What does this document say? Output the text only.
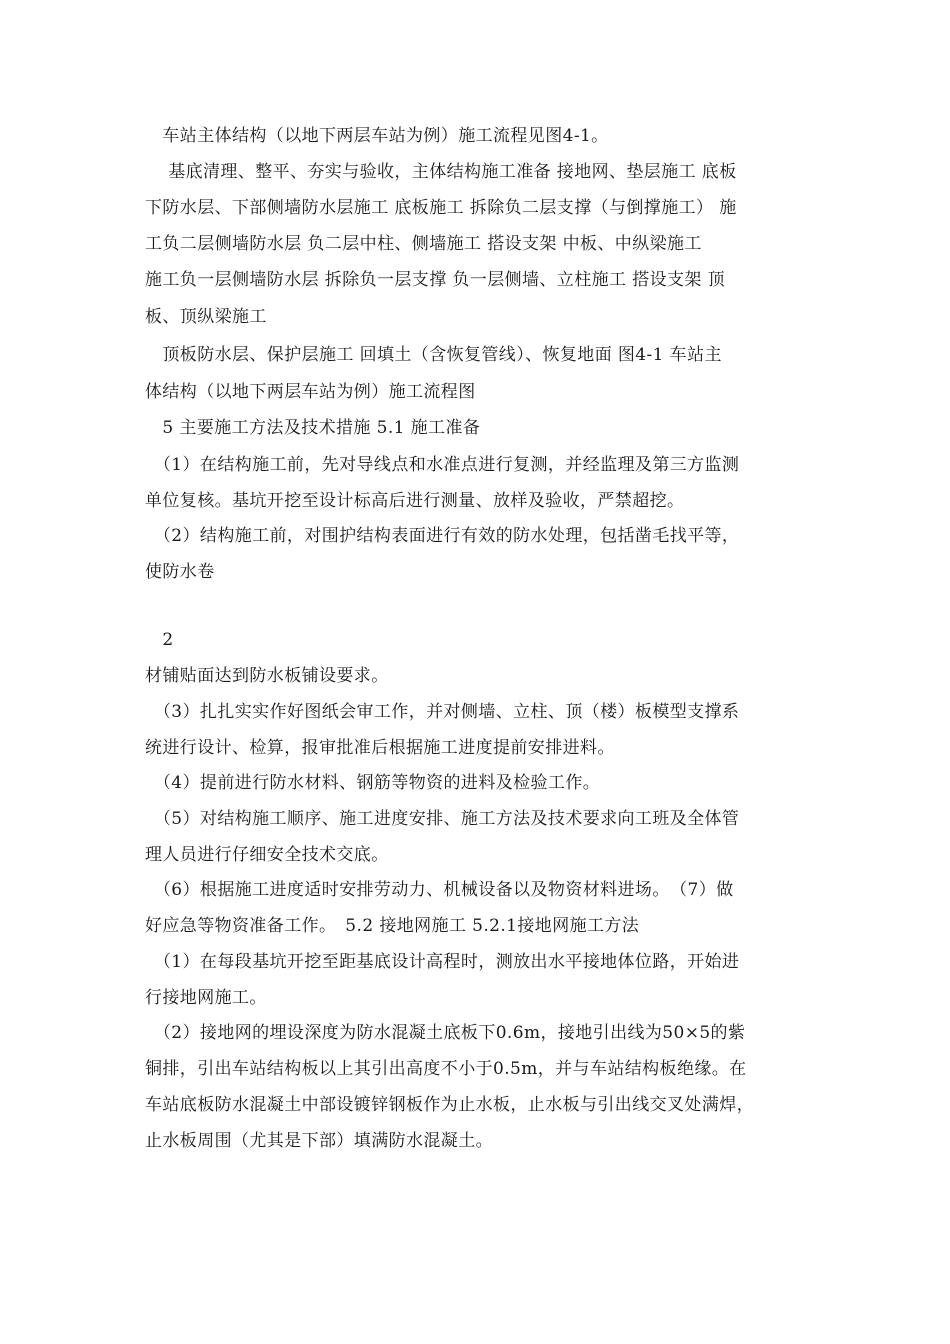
　车站主体结构（以地下两层车站为例）施工流程见图4-1。
　 基底清理、整平、夯实与验收，主体结构施工准备 接地网、垫层施工 底板
下防水层、下部侧墙防水层施工 底板施工 拆除负二层支撑（与倒撑施工） 施
工负二层侧墙防水层 负二层中柱、侧墙施工 搭设支架 中板、中纵梁施工
施工负一层侧墙防水层 拆除负一层支撑 负一层侧墙、立柱施工 搭设支架 顶
板、顶纵梁施工
　顶板防水层、保护层施工 回填土（含恢复管线）、恢复地面 图4-1 车站主
体结构（以地下两层车站为例）施工流程图
　5 主要施工方法及技术措施 5.1 施工准备
　（1）在结构施工前，先对导线点和水准点进行复测，并经监理及第三方监测
单位复核。基坑开挖至设计标高后进行测量、放样及验收，严禁超挖。
　（2）结构施工前，对围护结构表面进行有效的防水处理，包括凿毛找平等，
使防水卷
　2
材铺贴面达到防水板铺设要求。
　（3）扎扎实实作好图纸会审工作，并对侧墙、立柱、顶（楼）板模型支撑系
统进行设计、检算，报审批准后根据施工进度提前安排进料。
　（4）提前进行防水材料、钢筋等物资的进料及检验工作。
　（5）对结构施工顺序、施工进度安排、施工方法及技术要求向工班及全体管
理人员进行仔细安全技术交底。
　（6）根据施工进度适时安排劳动力、机械设备以及物资材料进场。　（7）做
好应急等物资准备工作。　5.2 接地网施工 5.2.1接地网施工方法
　（1）在每段基坑开挖至距基底设计高程时，测放出水平接地体位路，开始进
行接地网施工。
　（2）接地网的埋设深度为防水混凝土底板下0.6m，接地引出线为50×5的紫
铜排，引出车站结构板以上其引出高度不小于0.5m，并与车站结构板绝缘。在
车站底板防水混凝土中部设镀锌钢板作为止水板，止水板与引出线交叉处满焊，
止水板周围（尤其是下部）填满防水混凝土。
